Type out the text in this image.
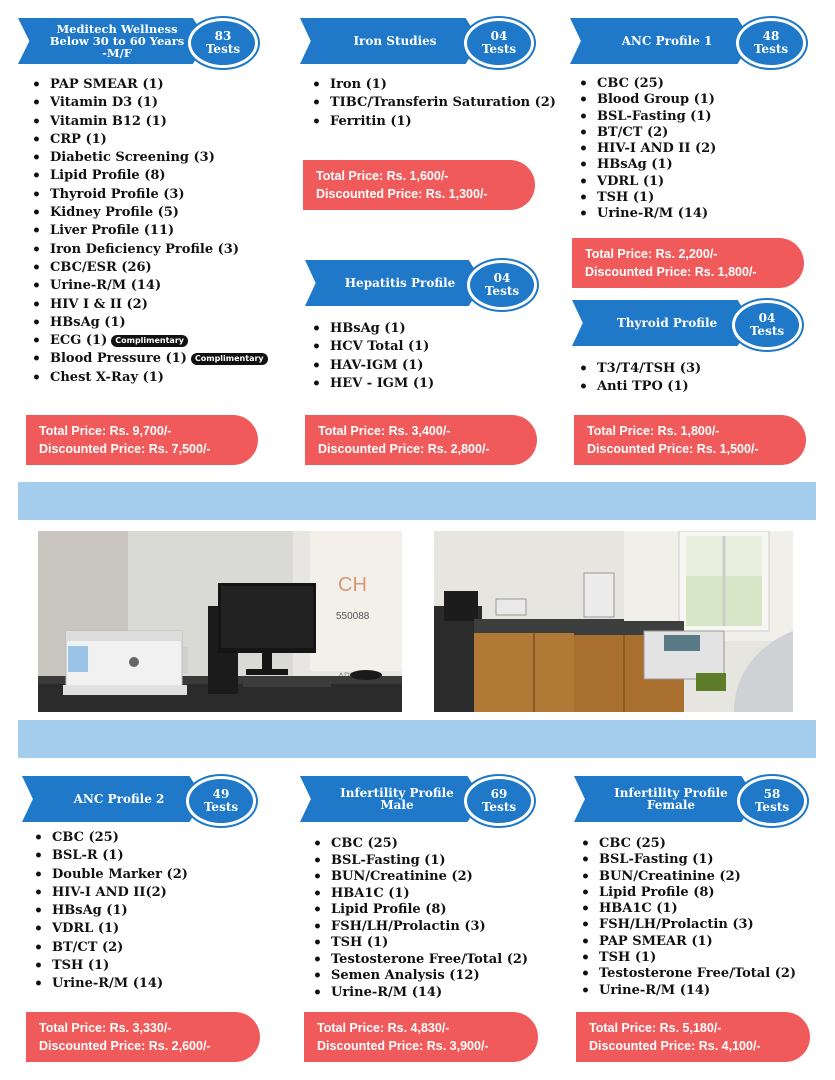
Meditech Wellness
Below 30 to 60 Years
-M/F
83
Tests
• PAP SMEAR (1)
• Vitamin D3 (1)
• Vitamin B12 (1)
• CRP (1)
• Diabetic Screening (3)
• Lipid Profile (8)
• Thyroid Profile (3)
• Kidney Profile (5)
• Liver Profile (11)
• Iron Deficiency Profile (3)
• CBC/ESR (26)
• Urine-R/M (14)
• HIV I & II (2)
• HBsAg (1)
• ECG (1) Complimentary
• Blood Pressure (1) Complimentary
• Chest X-Ray (1)
Total Price: Rs. 9,700/-
Discounted Price: Rs. 7,500/-
Iron Studies	04
Tests
• Iron (1)
• TIBC/Transferin Saturation (2)
• Ferritin (1)
Total Price: Rs. 1,600/-
Discounted Price: Rs. 1,300/-
ANC Profile 1	48
Tests
• CBC (25)
• Blood Group (1)
• BSL-Fasting (1)
• BT/CT (2)
• HIV-I AND II (2)
• HBsAg (1)
• VDRL (1)
• TSH (1)
• Urine-R/M (14)
Total Price: Rs. 2,200/-
Discounted Price: Rs. 1,800/-
Hepatitis Profile	04
Tests
• HBsAg (1)
• HCV Total (1)
• HAV-IGM (1)
• HEV - IGM (1)
Total Price: Rs. 3,400/-
Discounted Price: Rs. 2,800/-
Thyroid Profile	04
Tests
• T3/T4/TSH (3)
• Anti TPO (1)
Total Price: Rs. 1,800/-
Discounted Price: Rs. 1,500/-
CH
550088
ANC Profile 2	49
Tests
• CBC (25)
• BSL-R (1)
• Double Marker (2)
• HIV-I AND II(2)
• HBsAg (1)
• VDRL (1)
• BT/CT (2)
• TSH (1)
• Urine-R/M (14)
Total Price: Rs. 3,330/-
Discounted Price: Rs. 2,600/-
Infertility Profile
Male
69
Tests
• CBC (25)
• BSL-Fasting (1)
• BUN/Creatinine (2)
• HBA1C (1)
• Lipid Profile (8)
• FSH/LH/Prolactin (3)
• TSH (1)
• Testosterone Free/Total (2)
• Semen Analysis (12)
• Urine-R/M (14)
Total Price: Rs. 4,830/-
Discounted Price: Rs. 3,900/-
Infertility Profile
Female
58
Tests
• CBC (25)
• BSL-Fasting (1)
• BUN/Creatinine (2)
• Lipid Profile (8)
• HBA1C (1)
• FSH/LH/Prolactin (3)
• PAP SMEAR (1)
• TSH (1)
• Testosterone Free/Total (2)
• Urine-R/M (14)
Total Price: Rs. 5,180/-
Discounted Price: Rs. 4,100/-
